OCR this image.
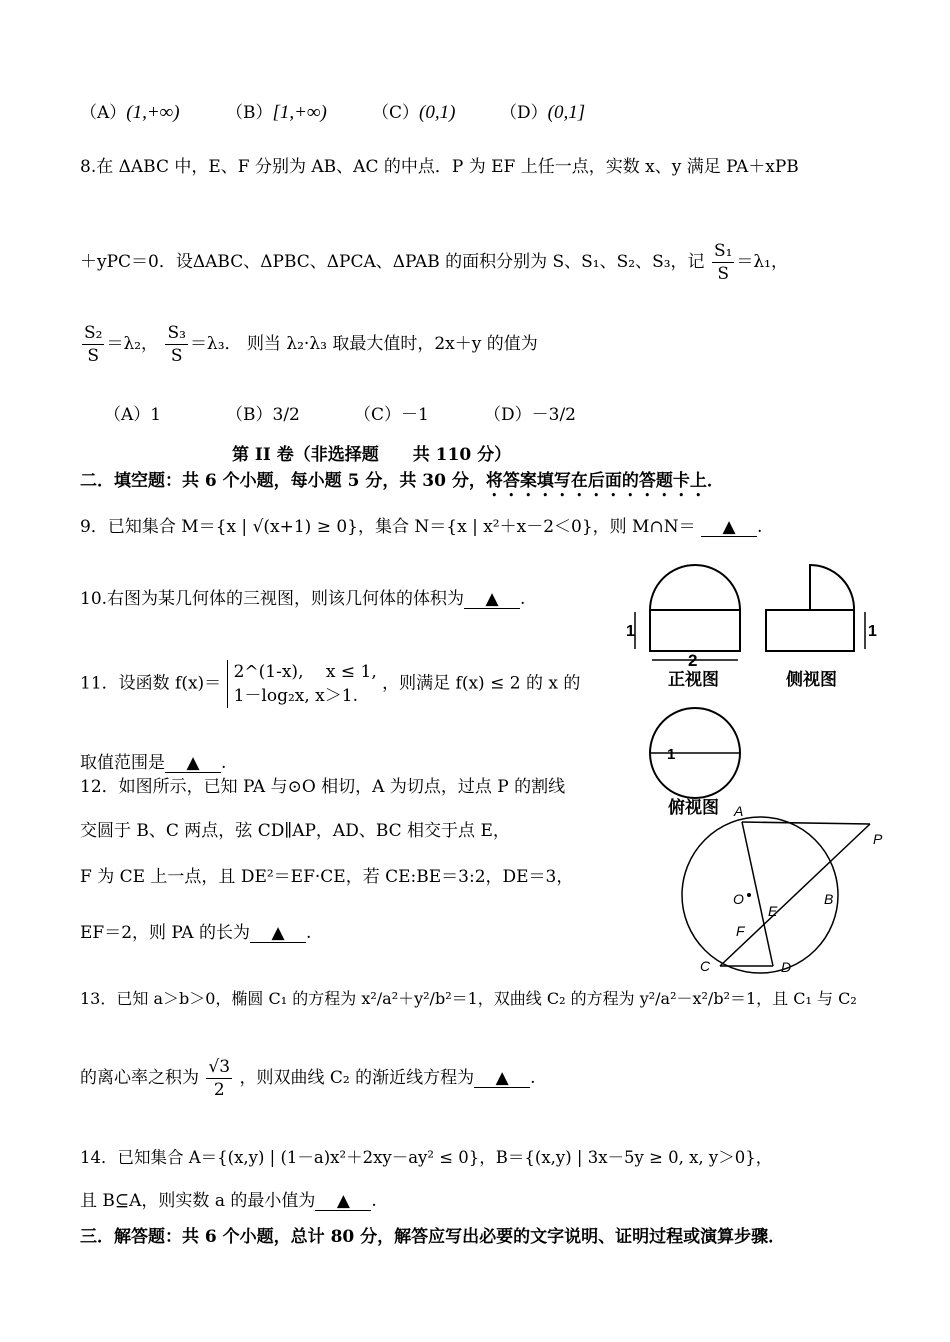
（A）(1,+∞)	（B）[1,+∞)	（C）(0,1)	（D）(0,1]
8.在 ΔABC 中，E、F 分别为 AB、AC 的中点．P 为 EF 上任一点，实数 x、y 满足 PA＋xPB
＋yPC＝0．设ΔABC、ΔPBC、ΔPCA、ΔPAB 的面积分别为 S、S₁、S₂、S₃，记 $\frac{\text{S₁}}{S} =\lambda_1$，
$\frac{\text{S₂}}{S} =\lambda_2$， $\frac{\text{S₃}}{S} =\lambda_3$． 则当 λ₂·λ₃ 取最大值时，2x＋y 的值为
（A）1	（B）3/2	（C）－1	（D）－3/2
第 II 卷（非选择题　　共 110 分）
二．填空题：共 6 个小题，每小题 5 分，共 30 分，将答案填写在后面的答题卡上．
9．已知集合 M＝{x | √(x+1) ≥ 0}，集合 N＝{x | x²＋x－2＜0}，则 M∩N＝ ▲ .
10.右图为某几何体的三视图，则该几何体的体积为 ▲ .
11．设函数 f(x)＝
2^(1-x),　 x ≤ 1,
1－log₂x, x＞1.
，则满足 f(x) ≤ 2 的 x 的
取值范围是 ▲ .
12．如图所示，已知 PA 与⊙O 相切，A 为切点，过点 P 的割线
交圆于 B、C 两点，弦 CD∥AP，AD、BC 相交于点 E，
F 为 CE 上一点，且 DE²＝EF·CE，若 CE:BE＝3:2，DE＝3，
EF＝2，则 PA 的长为 ▲ .
13．已知 a＞b＞0，椭圆 C₁ 的方程为 x²/a²＋y²/b²＝1，双曲线 C₂ 的方程为 y²/a²－x²/b²＝1，且 C₁ 与 C₂
的离心率之积为 $\frac{√3}{2}$ ，则双曲线 C₂ 的渐近线方程为 ▲ .
14．已知集合 A＝{(x,y) | (1－a)x²＋2xy－ay² ≤ 0}，B＝{(x,y) | 3x－5y ≥ 0, x, y＞0}，
且 B⊆A，则实数 a 的最小值为 ▲ .
三．解答题：共 6 个小题，总计 80 分，解答应写出必要的文字说明、证明过程或演算步骤．
1
2
正视图
1
侧视图
1
俯视图 A
P
O	B
E
F
C	D
